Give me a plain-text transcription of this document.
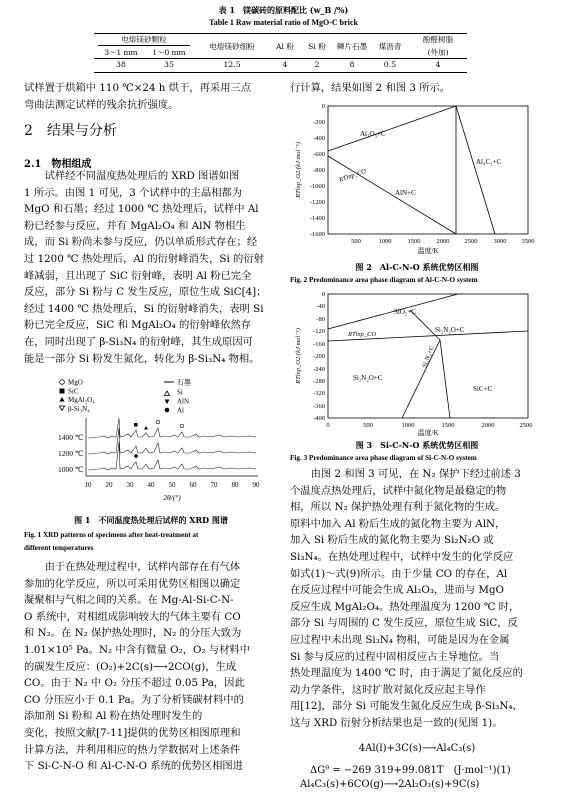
表 1　镁碳砖的原料配比 (w_B /%)
Table 1 Raw material ratio of MgO-C brick
电熔镁砂颗粒
3～1 mm	1～0 mm
电熔镁砂细粉	Al 粉	Si 粉	鳞片石墨	煤沥青
酚醛树脂
(外加)
38	35	12.5	4	2	8	0.5	4
试样置于烘箱中 110 ℃×24 h 烘干，再采用三点
弯曲法测定试样的残余抗折强度。
2　结果与分析
2.1　物相组成
　　试样经不同温度热处理后的 XRD 图谱如图
1 所示。由图 1 可见，3 个试样中的主晶相都为
MgO 和石墨；经过 1000 ℃ 热处理后，试样中 Al
粉已经参与反应，并有 MgAl₂O₄ 和 AlN 物相生
成，而 Si 粉尚未参与反应，仍以单质形式存在；经
过 1200 ℃ 热处理后，Al 的衍射峰消失，Si 的衍射
峰减弱，且出现了 SiC 衍射峰，表明 Al 粉已完全
反应，部分 Si 粉与 C 发生反应，原位生成 SiC[4]；
经过 1400 ℃ 热处理后，Si 的衍射峰消失，表明 Si
粉已完全反应，SiC 和 MgAl₂O₄ 的衍射峰依然存
在，同时出现了 β-Si₃N₄ 的衍射峰，其生成原因可
能是一部分 Si 粉发生氮化，转化为 β-Si₃N₄ 物相。
MgO
SiC
MgAl₂O₄
β-Si₃N₄
石墨
Si
AlN
Al
1400 ℃
1200 ℃
1000 ℃
10 20 30 40 50 60 70 80 90
2θ/(°)
图 1　不同温度热处理后试样的 XRD 图谱
Fig. 1 XRD patterns of specimens after heat-treatment at
different temperatures
　　由于在热处理过程中，试样内部存在有气体
参加的化学反应，所以可采用优势区相图以确定
凝聚相与气相之间的关系。在 Mg-Al-Si-C-N-
O 系统中，对相组成影响较大的气体主要有 CO
和 N₂。在 N₂ 保护热处理时，N₂ 的分压大致为
1.01×10⁵ Pa。N₂ 中含有微量 O₂，O₂ 与材料中
的碳发生反应：(O₂)+2C(s)⟶2CO(g)，生成
CO。由于 N₂ 中 O₂ 分压不超过 0.05 Pa，因此
CO 分压应小于 0.1 Pa。为了分析镁碳材料中的
添加剂 Si 粉和 Al 粉在热处理时发生的
变化，按照文献[7-11]提供的优势区相图原理和
计算方法，并利用相应的热力学数据对上述条件
下 Si-C-N-O 和 Al-C-N-O 系统的优势区相图进
行计算，结果如图 2 和图 3 所示。
Al₂O₃+C
Al₄C₃+C
AlN+C
RTlnp_CO
0
-200
-400
-600
-800
-1000
-1200
-1400
-1600
500	1000 1500 2000 2500 3000 3500
温度/K
RTlnp_O2/(kJ·mol⁻¹)
图 2　Al-C-N-O 系统优势区相图
Fig. 2 Predominance area phase diagram of Al-C-N-O system
SiO₂+C
Si₂N₂O+C
Si₃N₄+C
Si₂N₂O+C
SiC+C
RTlnp_CO
0
-40
-80
-120
-160
-200
-240
-280
-320
-360
-400
0	500	1000	1500	2000	2500
温度/K
RTlnp_O2/(kJ·mol⁻¹)
图 3　Si-C-N-O 系统优势区相图
Fig. 3 Predominance area phase diagram of Si-C-N-O system
　　由图 2 和图 3 可见，在 N₂ 保护下经过前述 3
个温度点热处理后，试样中氮化物是最稳定的物
相，所以 N₂ 保护热处理有利于氮化物的生成。
原料中加入 Al 粉后生成的氮化物主要为 AlN，
加入 Si 粉后生成的氮化物主要为 Si₂N₂O 或
Si₃N₄。在热处理过程中，试样中发生的化学反应
如式(1)～式(9)所示。由于少量 CO 的存在，Al
在反应过程中可能会生成 Al₂O₃，进而与 MgO
反应生成 MgAl₂O₄。热处理温度为 1200 ℃ 时，
部分 Si 与周围的 C 发生反应，原位生成 SiC，反
应过程中未出现 Si₃N₄ 物相，可能是因为在金属
Si 参与反应的过程中固相反应占主导地位。当
热处理温度为 1400 ℃ 时，由于满足了氮化反应的
动力学条件，这时扩散对氮化反应起主导作
用[12]，部分 Si 可能发生氮化反应生成 β-Si₃N₄，
这与 XRD 衍射分析结果也是一致的(见图 1)。
4Al(l)+3C(s)⟶Al₄C₃(s)
ΔGᶿ = −269 319+99.081T　(J·mol⁻¹)(1)
Al₄C₃(s)+6CO(g)⟶2Al₂O₃(s)+9C(s)
